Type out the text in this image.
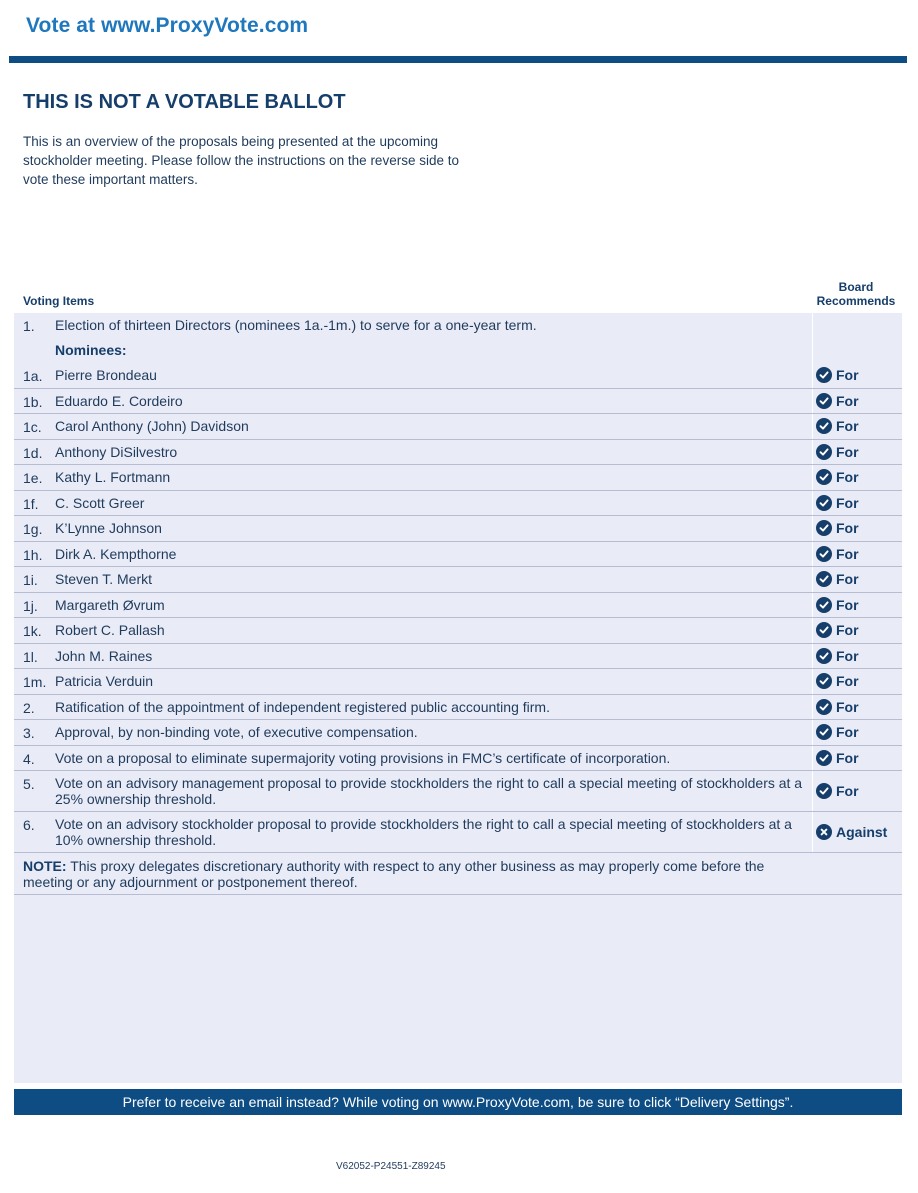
Vote at www.ProxyVote.com
THIS IS NOT A VOTABLE BALLOT

This is an overview of the proposals being presented at the upcoming stockholder meeting. Please follow the instructions on the reverse side to vote these important matters.

Voting Items
Board
Recommends
1. Election of thirteen Directors (nominees 1a.-1m.) to serve for a one-year term.
Nominees:
1a. Pierre Brondeau	For
1b. Eduardo E. Cordeiro	For
1c. Carol Anthony (John) Davidson	For
1d. Anthony DiSilvestro	For
1e. Kathy L. Fortmann	For
1f. C. Scott Greer	For
1g. K’Lynne Johnson	For
1h. Dirk A. Kempthorne	For
1i. Steven T. Merkt	For
1j. Margareth Øvrum	For
1k. Robert C. Pallash	For
1l. John M. Raines	For
1m. Patricia Verduin	For
2. Ratification of the appointment of independent registered public accounting firm.	For
3. Approval, by non-binding vote, of executive compensation.	For
4. Vote on a proposal to eliminate supermajority voting provisions in FMC’s certificate of incorporation.	For
5. Vote on an advisory management proposal to provide stockholders the right to call a special meeting of stockholders at a 25% ownership threshold.	For
6. Vote on an advisory stockholder proposal to provide stockholders the right to call a special meeting of stockholders at a 10% ownership threshold.	Against
NOTE: This proxy delegates discretionary authority with respect to any other business as may properly come before the meeting or any adjournment or postponement thereof.
Prefer to receive an email instead? While voting on www.ProxyVote.com, be sure to click “Delivery Settings”.
V62052-P24551-Z89245
